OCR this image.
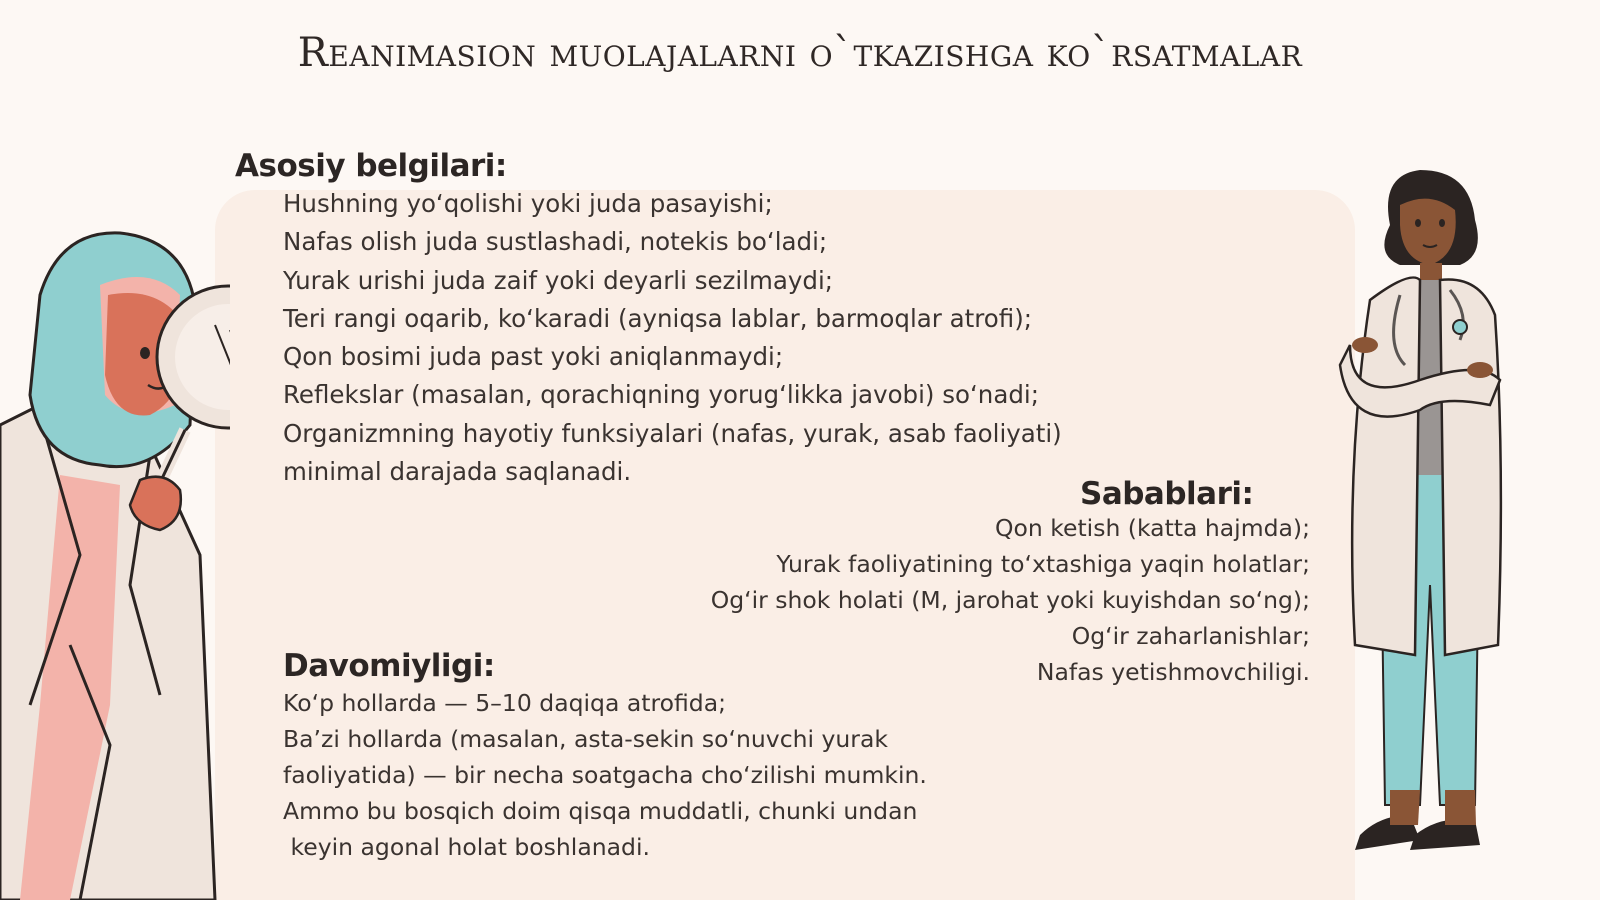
Reanimasion muolajalarni o`tkazishga ko`rsatmalar
Asosiy belgilari:
Hushning yo‘qolishi yoki juda pasayishi;
Nafas olish juda sustlashadi, notekis bo‘ladi;
Yurak urishi juda zaif yoki deyarli sezilmaydi;
Teri rangi oqarib, ko‘karadi (ayniqsa lablar, barmoqlar atrofi);
Qon bosimi juda past yoki aniqlanmaydi;
Reflekslar (masalan, qorachiqning yorug‘likka javobi) so‘nadi;
Organizmning hayotiy funksiyalari (nafas, yurak, asab faoliyati)
minimal darajada saqlanadi.
Sabablari:
Qon ketish (katta hajmda);
Yurak faoliyatining to‘xtashiga yaqin holatlar;
Og‘ir shok holati (M, jarohat yoki kuyishdan so‘ng);
Og‘ir zaharlanishlar;
Nafas yetishmovchiligi.
Davomiyligi:
Ko‘p hollarda — 5–10 daqiqa atrofida;
Ba’zi hollarda (masalan, asta-sekin so‘nuvchi yurak
faoliyatida) — bir necha soatgacha cho‘zilishi mumkin.
Ammo bu bosqich doim qisqa muddatli, chunki undan
keyin agonal holat boshlanadi.
